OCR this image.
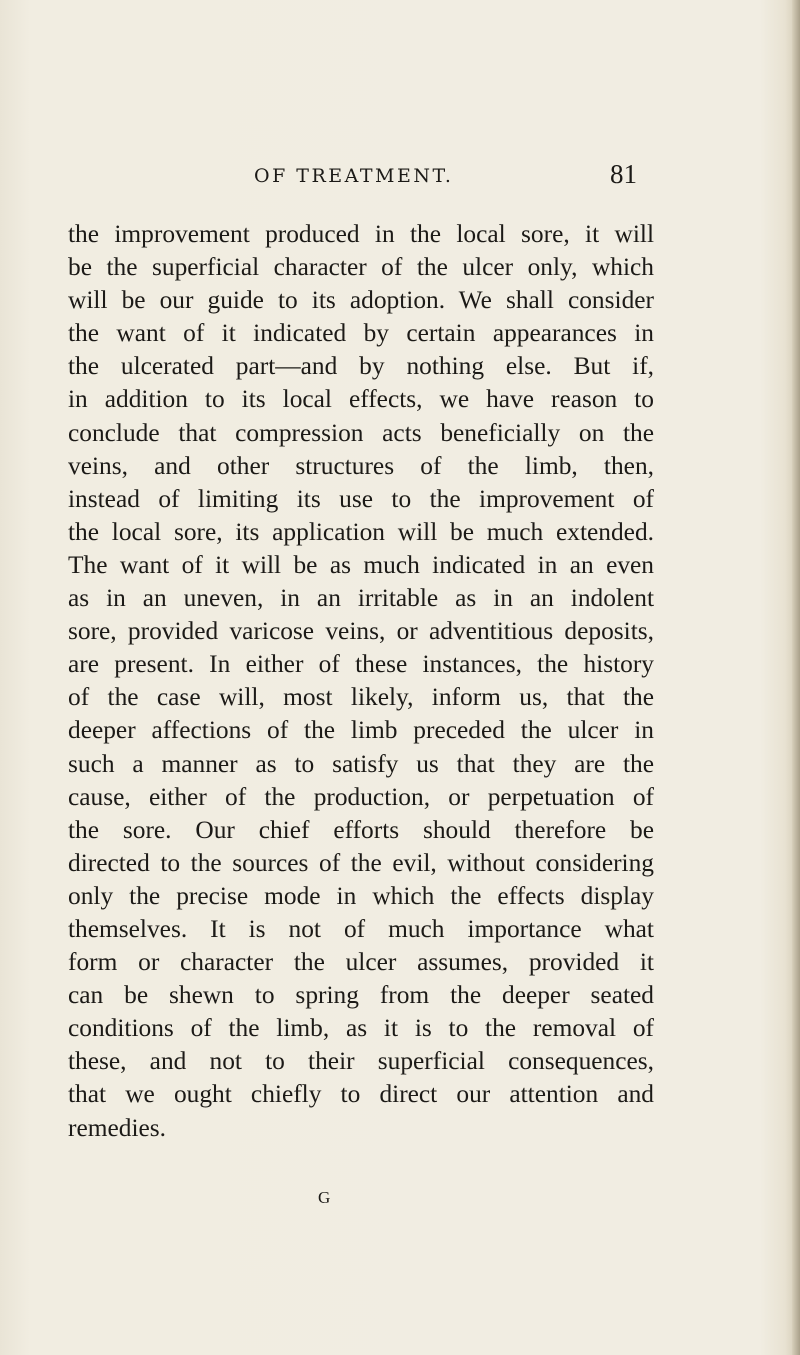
OF TREATMENT.	81
the improvement produced in the local sore, it will
be the superficial character of the ulcer only, which
will be our guide to its adoption. We shall consider
the want of it indicated by certain appearances in
the ulcerated part—and by nothing else. But if,
in addition to its local effects, we have reason to
conclude that compression acts beneficially on the
veins, and other structures of the limb, then,
instead of limiting its use to the improvement of
the local sore, its application will be much extended.
The want of it will be as much indicated in an even
as in an uneven, in an irritable as in an indolent
sore, provided varicose veins, or adventitious deposits,
are present. In either of these instances, the history
of the case will, most likely, inform us, that the
deeper affections of the limb preceded the ulcer in
such a manner as to satisfy us that they are the
cause, either of the production, or perpetuation of
the sore. Our chief efforts should therefore be
directed to the sources of the evil, without considering
only the precise mode in which the effects display
themselves. It is not of much importance what
form or character the ulcer assumes, provided it
can be shewn to spring from the deeper seated
conditions of the limb, as it is to the removal of
these, and not to their superficial consequences,
that we ought chiefly to direct our attention and
remedies.
G
